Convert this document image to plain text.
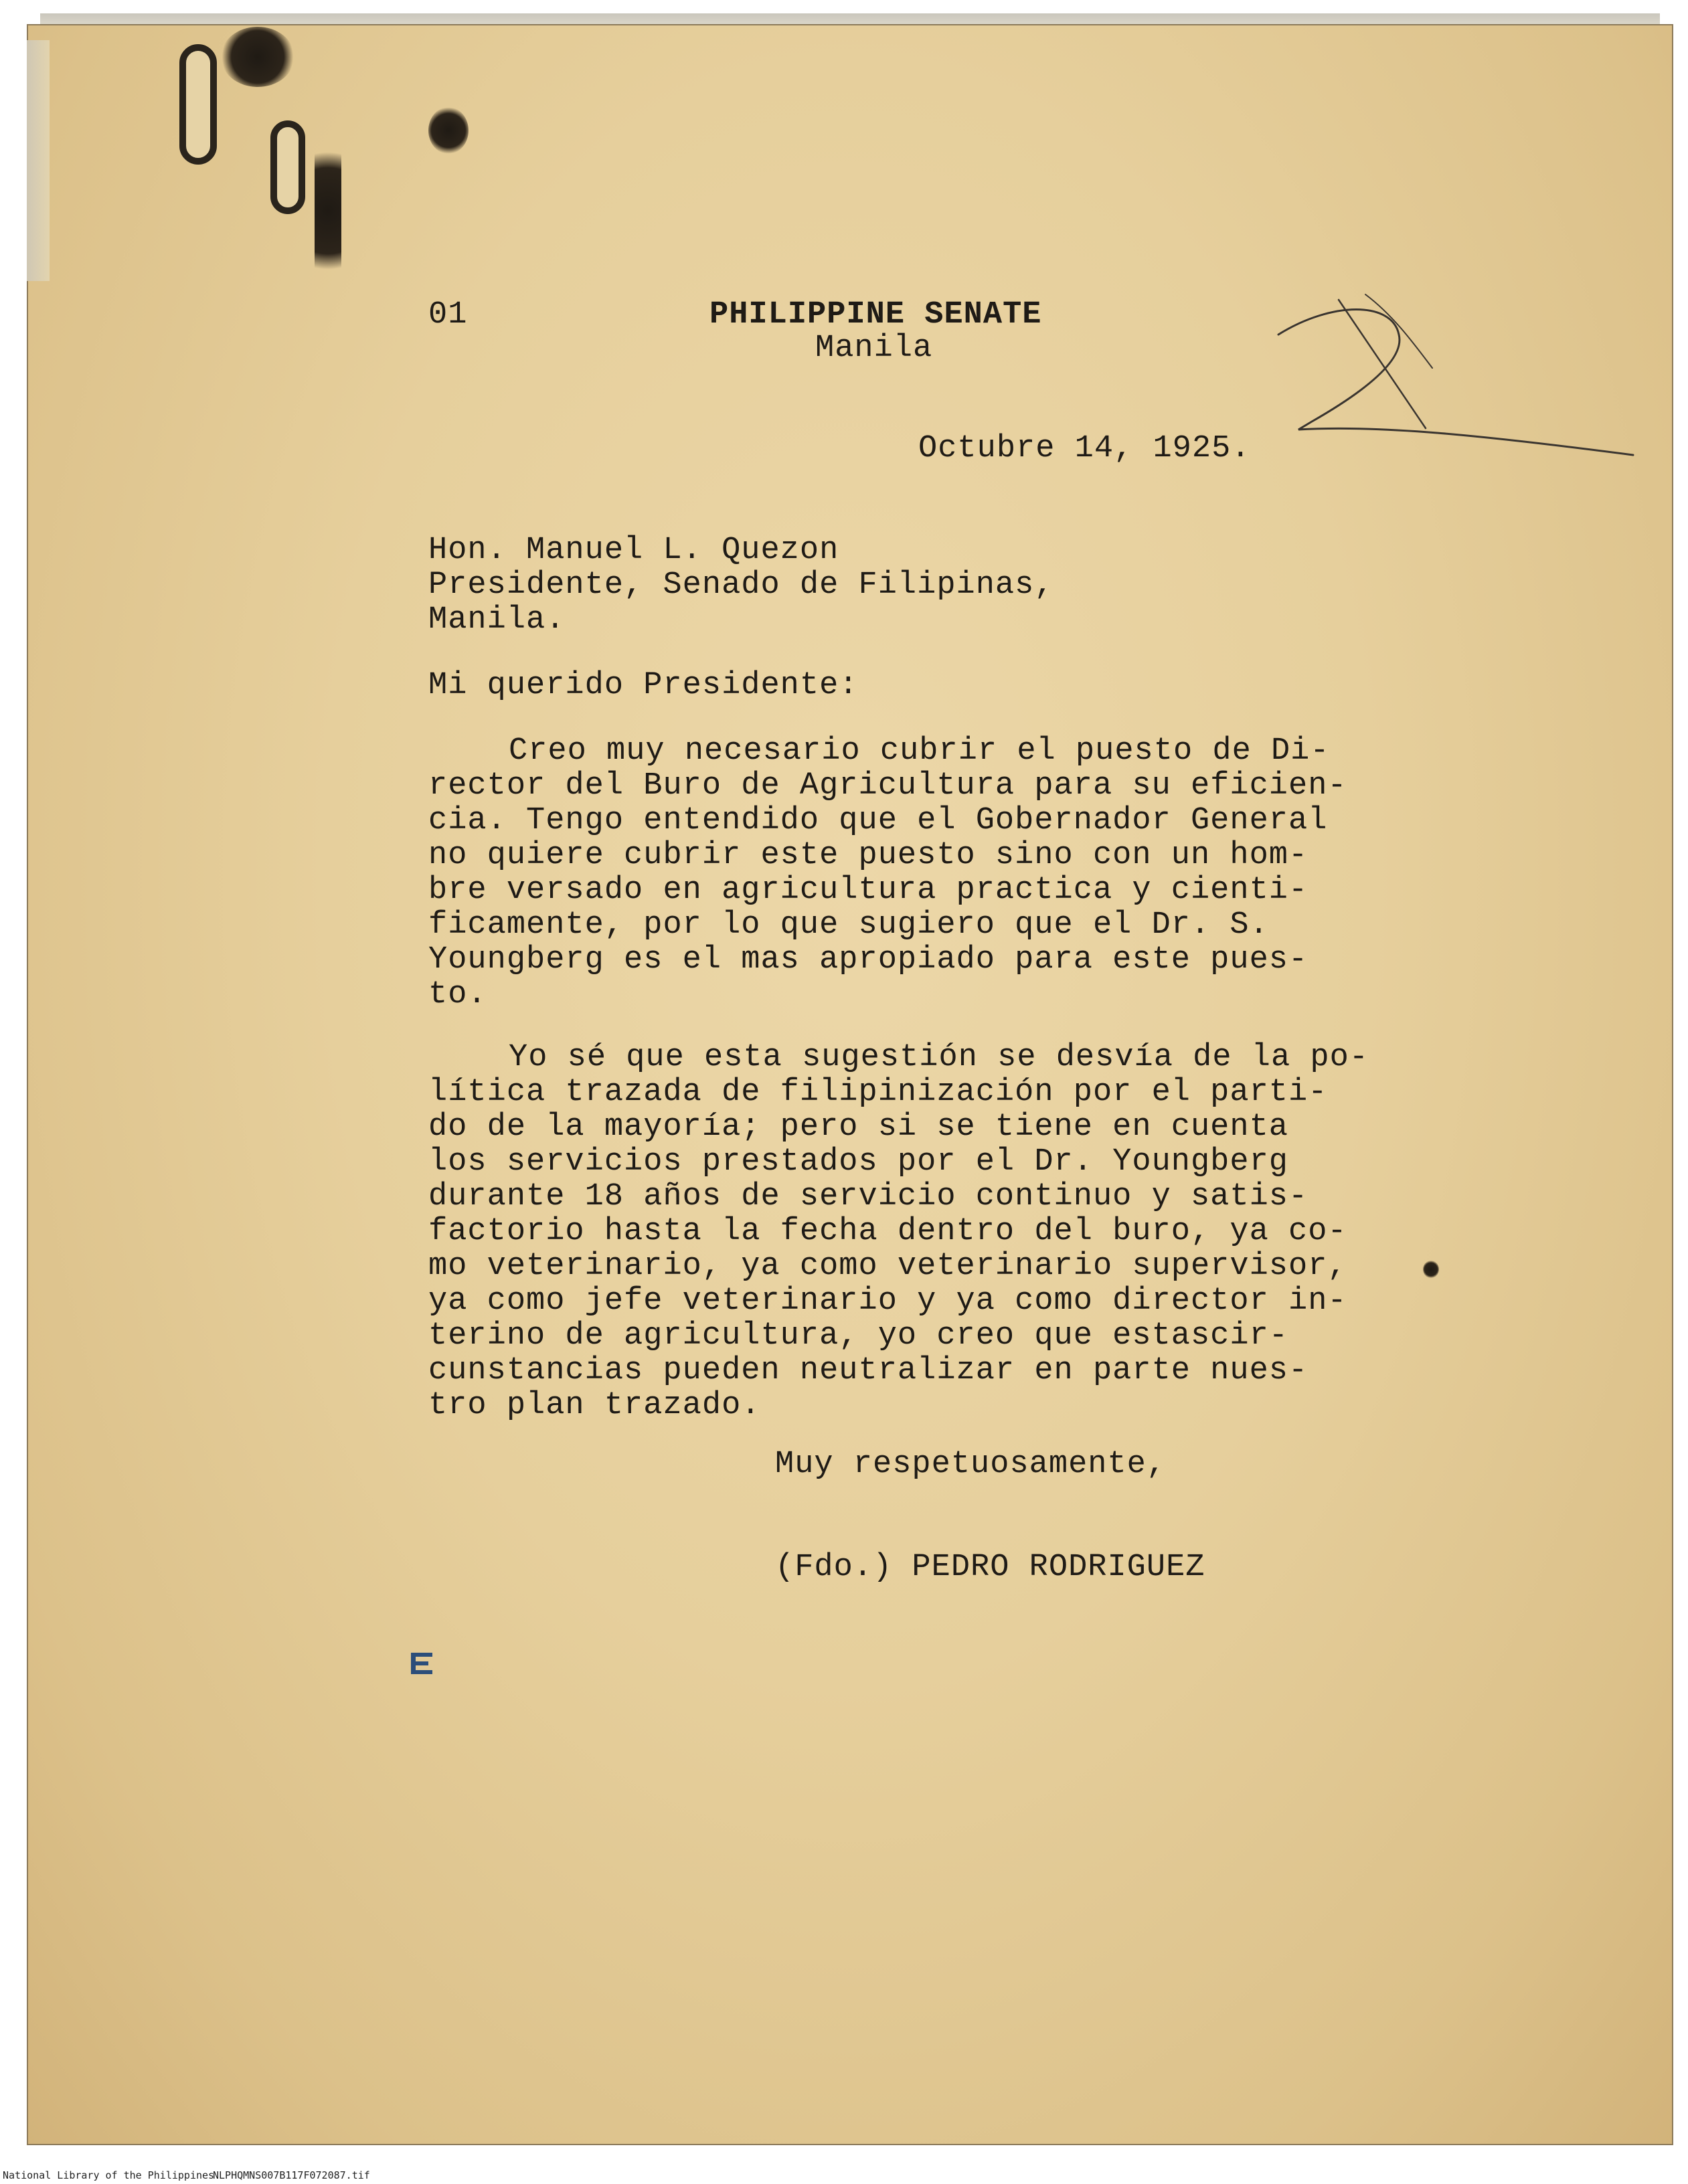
01	PHILIPPINE SENATE

Manila

Octubre 14, 1925.

Hon. Manuel L. Quezon

Presidente, Senado de Filipinas,

Manila.

Mi querido Presidente:

Creo muy necesario cubrir el puesto de Di-

rector del Buro de Agricultura para su eficien-

cia. Tengo entendido que el Gobernador General

no quiere cubrir este puesto sino con un hom-

bre versado en agricultura practica y cienti-

ficamente, por lo que sugiero que el Dr. S.

Youngberg es el mas apropiado para este pues-

to.

Yo sé que esta sugestión se desvía de la po-

lítica trazada de filipinización por el parti-

do de la mayoría; pero si se tiene en cuenta

los servicios prestados por el Dr. Youngberg

durante 18 años de servicio continuo y satis-

factorio hasta la fecha dentro del buro, ya co-

mo veterinario, ya como veterinario supervisor,

ya como jefe veterinario y ya como director in-

terino de agricultura, yo creo que estascir-

cunstancias pueden neutralizar en parte nues-

tro plan trazado.

Muy respetuosamente,

(Fdo.) PEDRO RODRIGUEZ

National Library of the Philippines
NLPHQMNS007B117F072087.tif
